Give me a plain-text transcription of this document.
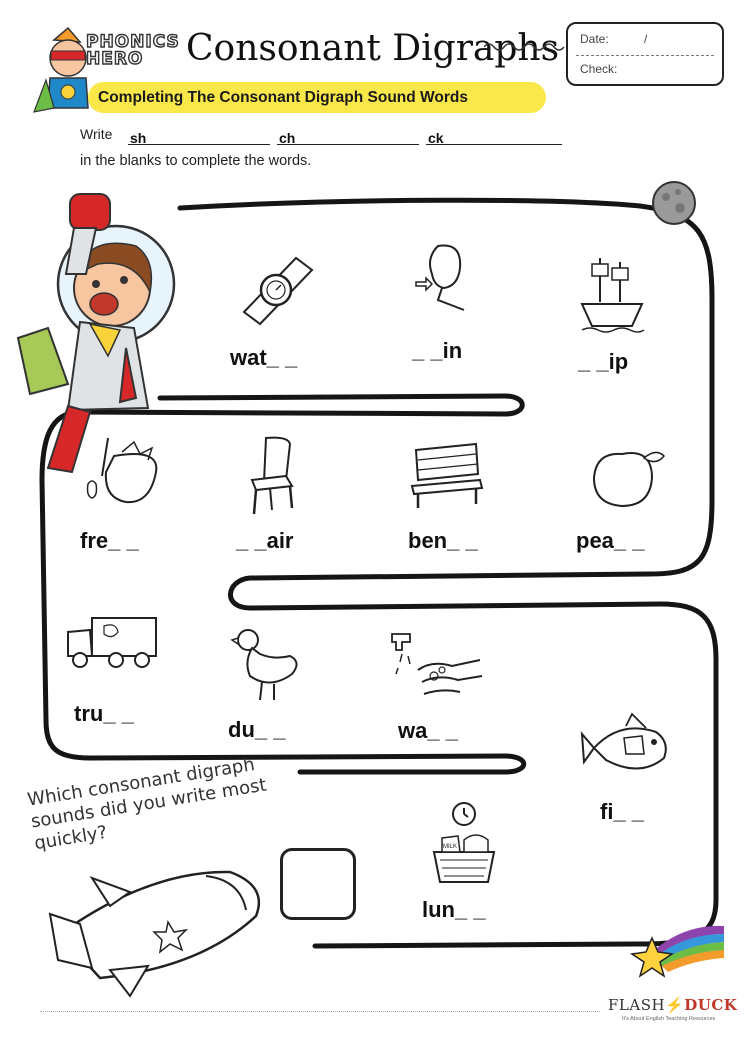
PHONICS
HERO	Consonant Digraphs Date:	/
Check:
Completing The Consonant Digraph Sound Words
Write sh	ch	ck
in the blanks to complete the words.
wat_ _	_ _in	_ _ip
fre_ _	_ _air	ben_ _	pea_ _
tru_ _
du_ _	wa_ _
fi_ _
MILK
lun_ _
Which consonant digraph sounds did you write most quickly?
FLASH⚡DUCK
It's About English Teaching Resources
